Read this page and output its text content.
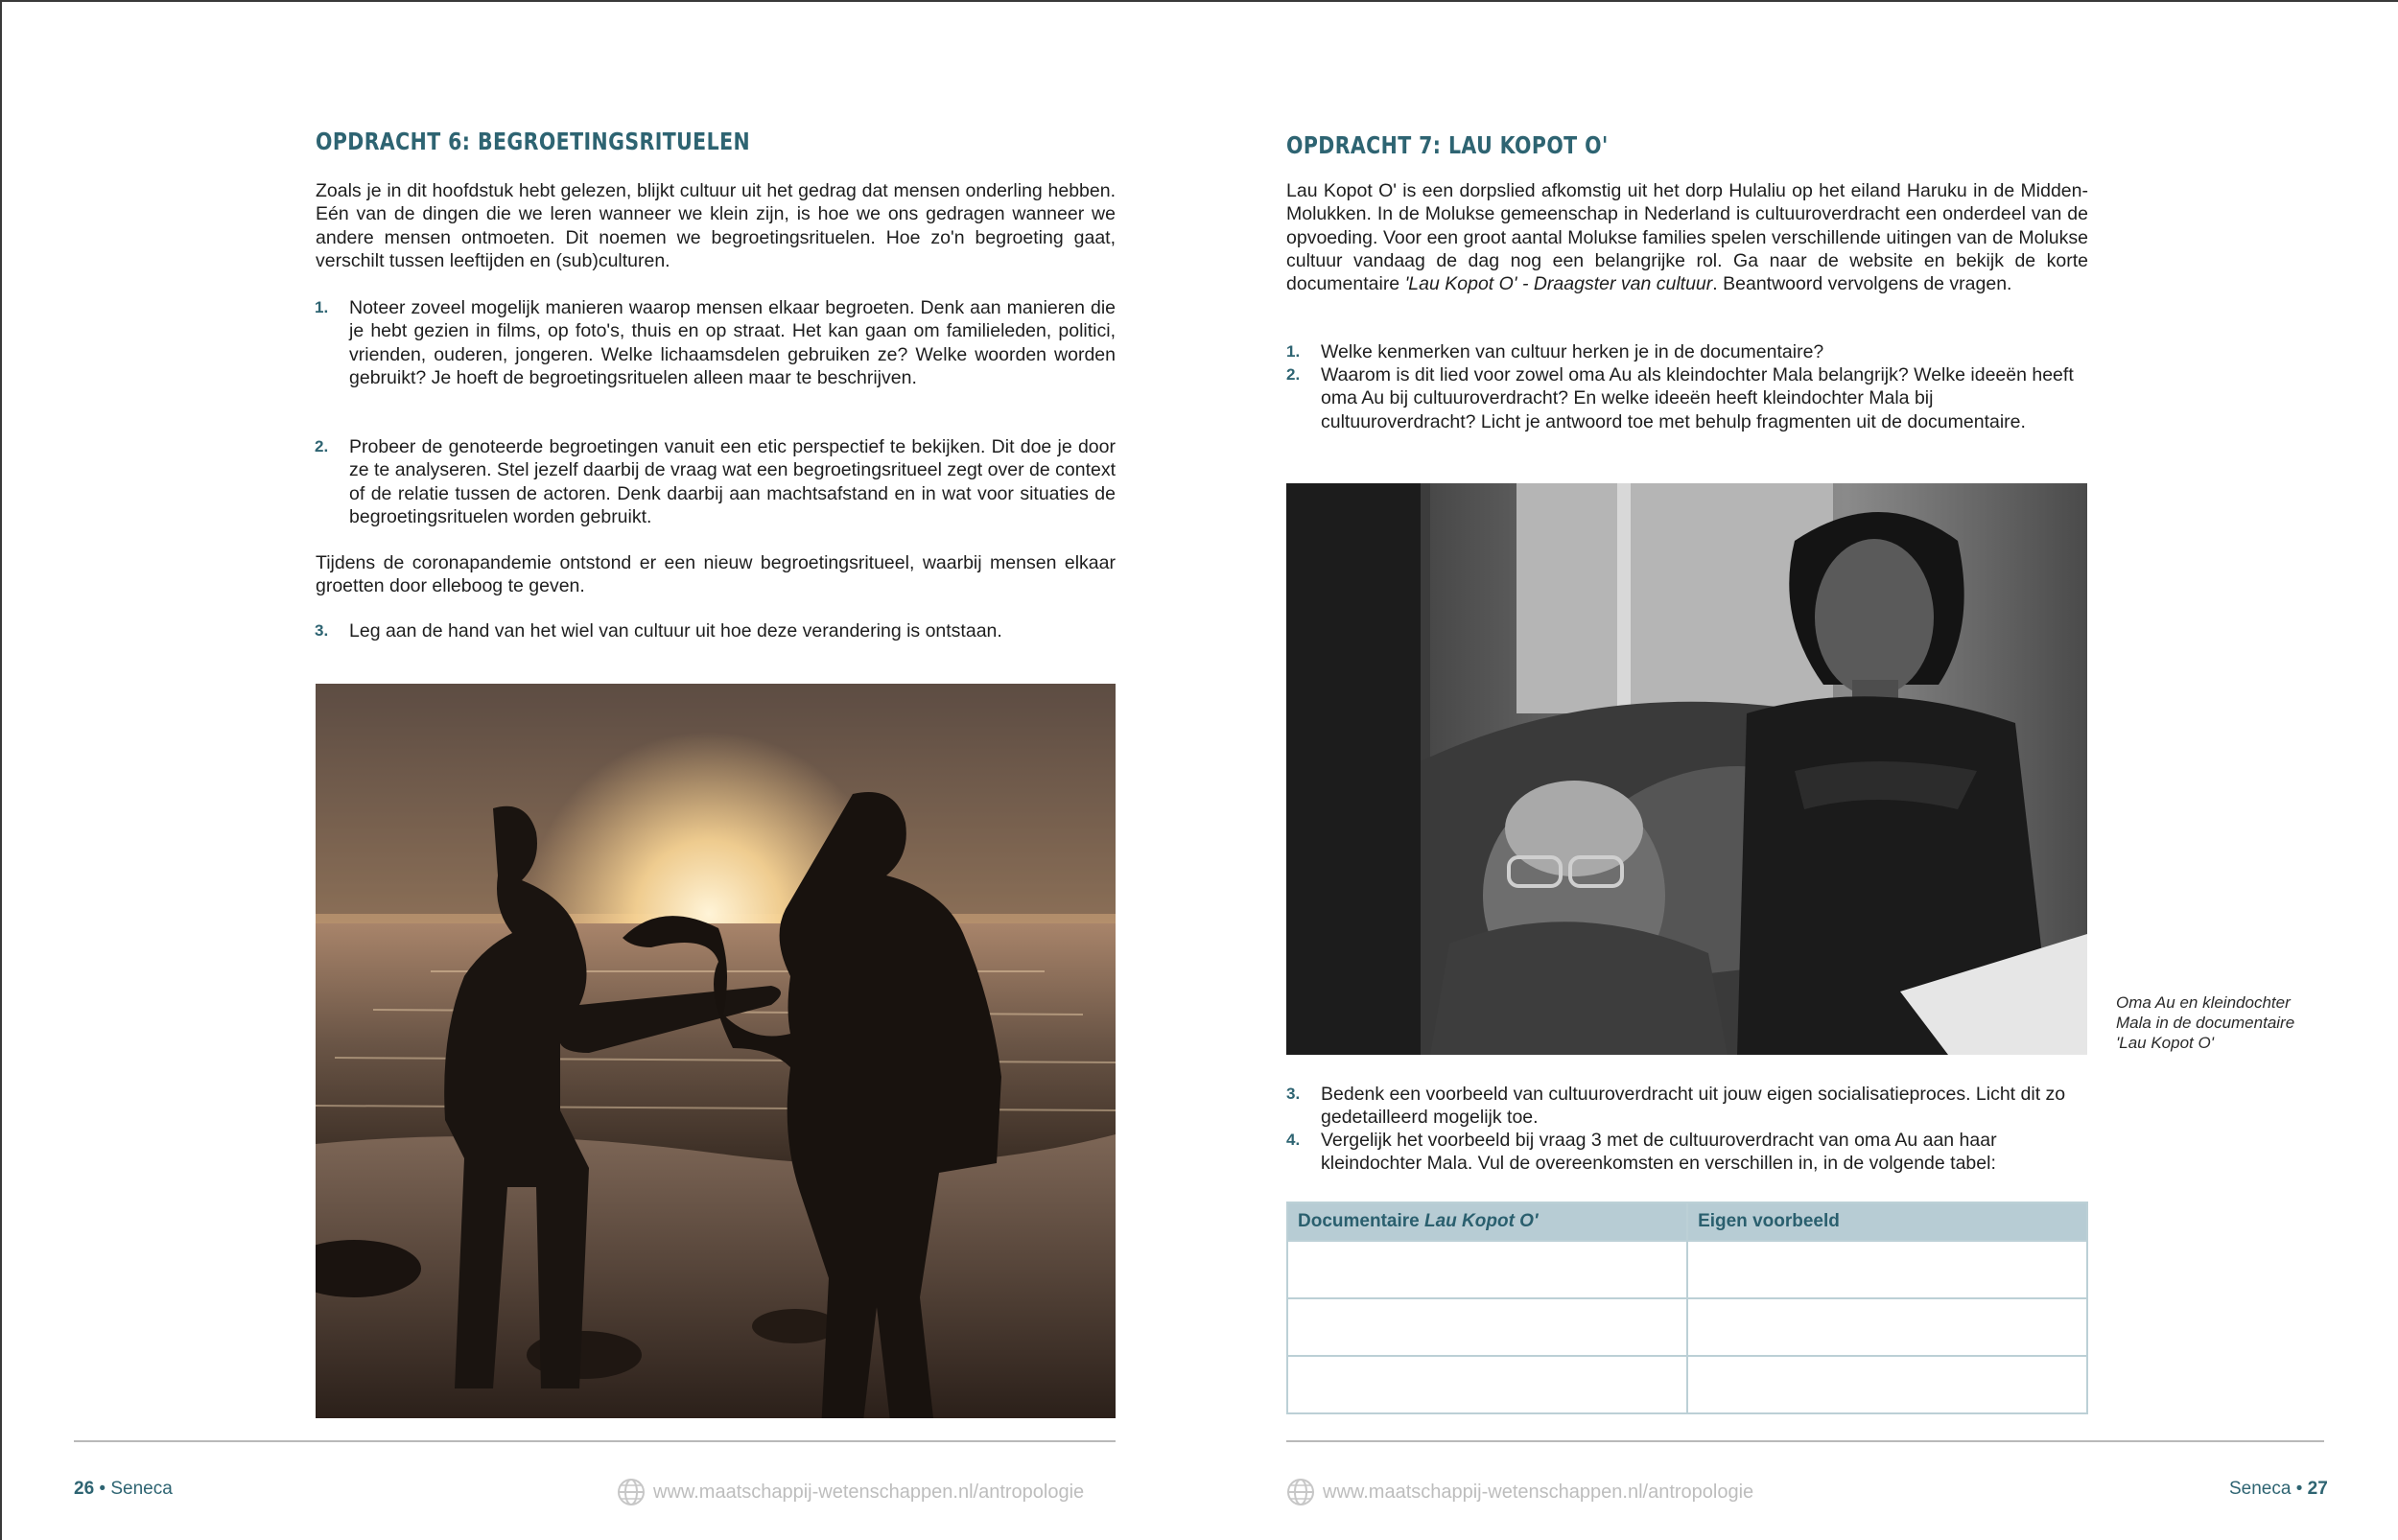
OPDRACHT 6: BEGROETINGSRITUELEN
Zoals je in dit hoofdstuk hebt gelezen, blijkt cultuur uit het gedrag dat mensen onderling hebben. Eén van de dingen die we leren wanneer we klein zijn, is hoe we ons gedragen wanneer we andere mensen ontmoeten. Dit noemen we begroetingsrituelen. Hoe zo'n begroeting gaat, verschilt tussen leeftijden en (sub)culturen.
1. Noteer zoveel mogelijk manieren waarop mensen elkaar begroeten. Denk aan manieren die je hebt gezien in films, op foto's, thuis en op straat. Het kan gaan om familieleden, politici, vrienden, ouderen, jongeren. Welke lichaamsdelen gebruiken ze? Welke woorden worden gebruikt? Je hoeft de begroetingsrituelen alleen maar te beschrijven.
2. Probeer de genoteerde begroetingen vanuit een etic perspectief te bekijken. Dit doe je door ze te analyseren. Stel jezelf daarbij de vraag wat een begroetingsritueel zegt over de context of de relatie tussen de actoren. Denk daarbij aan machtsafstand en in wat voor situaties de begroetingsrituelen worden gebruikt.
Tijdens de coronapandemie ontstond er een nieuw begroetingsritueel, waarbij mensen elkaar groetten door elleboog te geven.
3. Leg aan de hand van het wiel van cultuur uit hoe deze verandering is ontstaan.
26 • Seneca	www.maatschappij-wetenschappen.nl/antropologie
OPDRACHT 7: LAU KOPOT O'
Lau Kopot O' is een dorpslied afkomstig uit het dorp Hulaliu op het eiland Haruku in de Midden-Molukken. In de Molukse gemeenschap in Nederland is cultuuroverdracht een onderdeel van de opvoeding. Voor een groot aantal Molukse families spelen verschillende uitingen van de Molukse cultuur vandaag de dag nog een belangrijke rol. Ga naar de website en bekijk de korte documentaire 'Lau Kopot O' - Draagster van cultuur. Beantwoord vervolgens de vragen.
1. Welke kenmerken van cultuur herken je in de documentaire?
2. Waarom is dit lied voor zowel oma Au als kleindochter Mala belangrijk? Welke ideeën heeft oma Au bij cultuuroverdracht? En welke ideeën heeft kleindochter Mala bij cultuuroverdracht? Licht je antwoord toe met behulp fragmenten uit de documentaire.
Oma Au en kleindochter
Mala in de documentaire
'Lau Kopot O'
3. Bedenk een voorbeeld van cultuuroverdracht uit jouw eigen socialisatieproces. Licht dit zo gedetailleerd mogelijk toe.
4. Vergelijk het voorbeeld bij vraag 3 met de cultuuroverdracht van oma Au aan haar kleindochter Mala. Vul de overeenkomsten en verschillen in, in de volgende tabel:
Documentaire Lau Kopot O'	Eigen voorbeeld

www.maatschappij-wetenschappen.nl/antropologie	Seneca • 27
